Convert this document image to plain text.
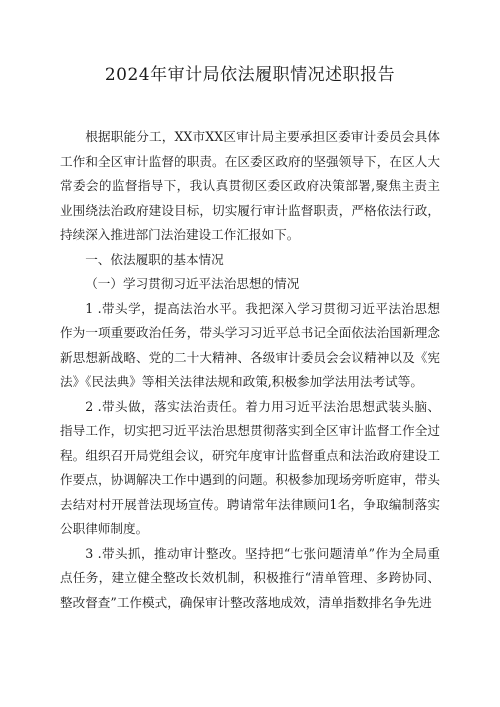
2024年审计局依法履职情况述职报告

根据职能分工，XX市XX区审计局主要承担区委审计委员会具体工作和全区审计监督的职责。在区委区政府的坚强领导下，在区人大常委会的监督指导下，我认真贯彻区委区政府决策部署,聚焦主责主业围绕法治政府建设目标，切实履行审计监督职责，严格依法行政，持续深入推进部门法治建设工作汇报如下。

一、依法履职的基本情况

（一）学习贯彻习近平法治思想的情况

1 .带头学，提高法治水平。我把深入学习贯彻习近平法治思想作为一项重要政治任务，带头学习习近平总书记全面依法治国新理念新思想新战略、党的二十大精神、各级审计委员会会议精神以及《宪法》《民法典》等相关法律法规和政策,积极参加学法用法考试等。

2 .带头做，落实法治责任。着力用习近平法治思想武装头脑、指导工作，切实把习近平法治思想贯彻落实到全区审计监督工作全过程。组织召开局党组会议，研究年度审计监督重点和法治政府建设工作要点，协调解决工作中遇到的问题。积极参加现场旁听庭审，带头去结对村开展普法现场宣传。聘请常年法律顾问1名，争取编制落实公职律师制度。

3 .带头抓，推动审计整改。坚持把“七张问题清单”作为全局重点任务，建立健全整改长效机制，积极推行“清单管理、多跨协同、整改督查”工作模式，确保审计整改落地成效，清单指数排名争先进
